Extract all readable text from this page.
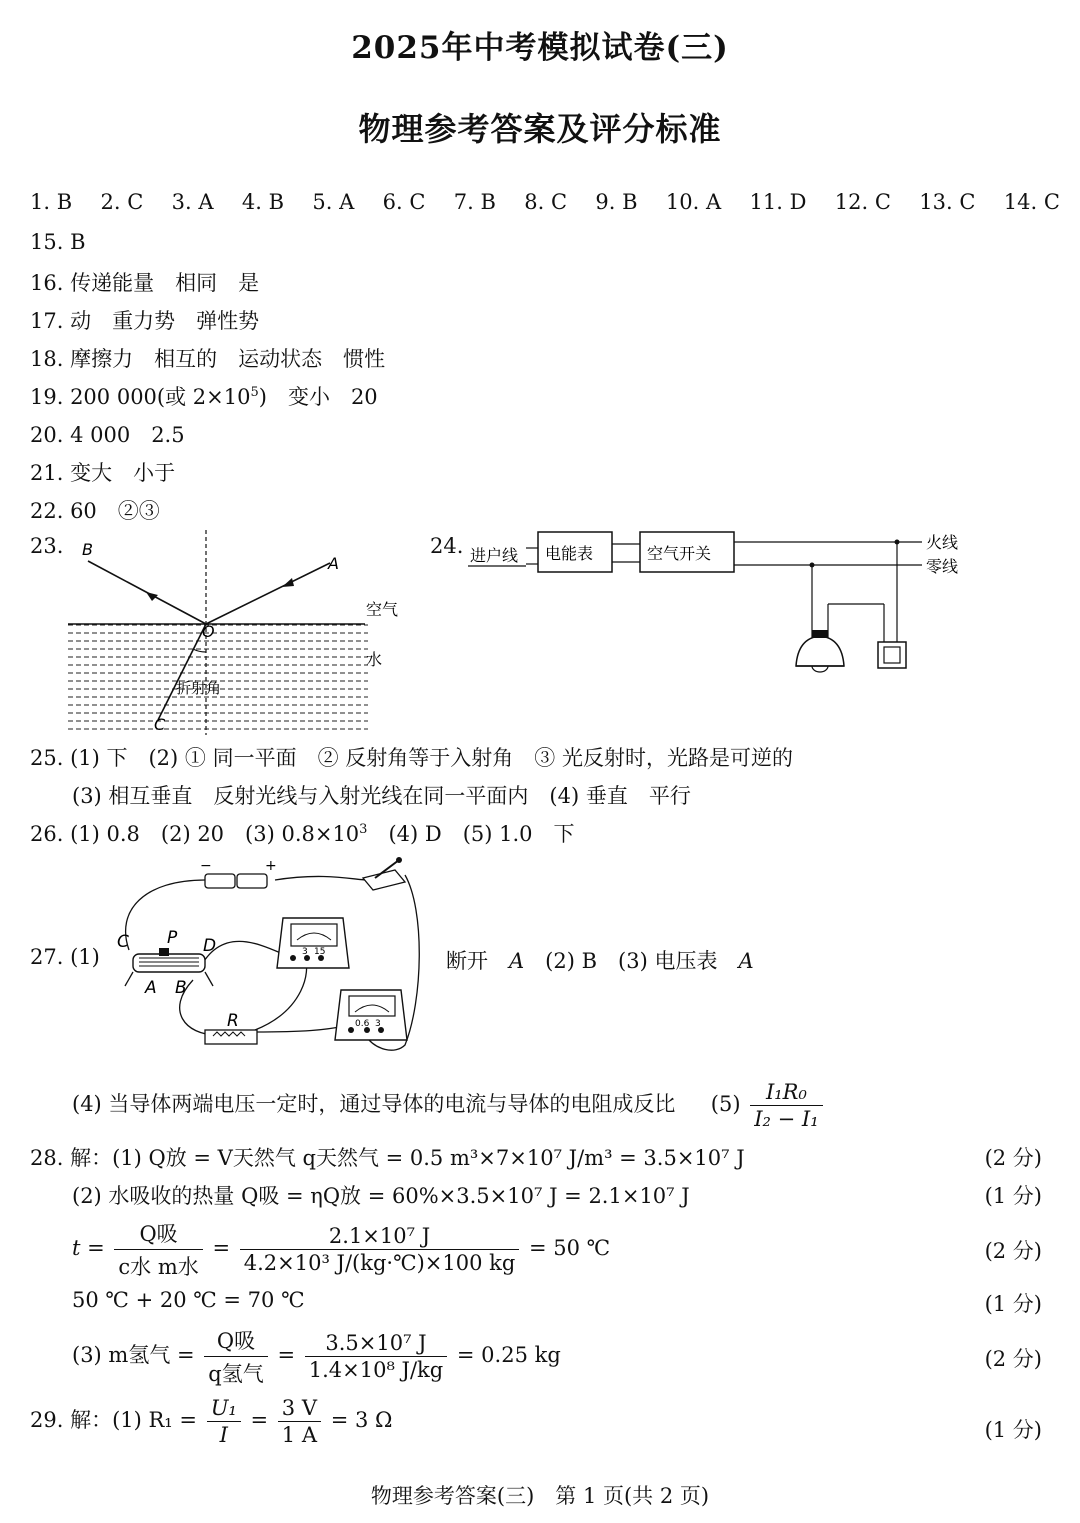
2025年中考模拟试卷(三)
物理参考答案及评分标准
1. B 2. C 3. A 4. B 5. A 6. C 7. B 8. C 9. B 10. A 11. D 12. C 13. C 14. C
15. B
16. 传递能量　相同　是
17. 动　重力势　弹性势
18. 摩擦力　相互的　运动状态　惯性
19. 200 000(或 $2\times 10^5$)　变小　20
20. 4 000　2.5
21. 变大　小于
22. 60　②③
23. B
A
O
C
空气
水
折射角
24. 进户线 电能表	空气开关
火线
零线
25. (1) 下　(2) ① 同一平面　② 反射角等于入射角　③ 光反射时，光路是可逆的
(3) 相互垂直　反射光线与入射光线在同一平面内　(4) 垂直　平行
26. (1) 0.8　(2) 20　(3) $0.8\times 10^3$　(4) D　(5) 1.0　下
27. (1)
−	+
C P D
A B
R
3 15
0.6 3
断开　 A　 (2) B　(3) 电压表　 A
(4) 当导体两端电压一定时，通过导体的电流与导体的电阻成反比 $(5) \frac{\text{I₁R₀}}{\text{I₂ − I₁}}$
28. 解：(1) Q放 = V天然气 q天然气 = 0.5 m³×7×10⁷ J/m³ = 3.5×10⁷ J	(2 分)
(2) 水吸收的热量 Q吸 = ηQ放 = 60%×3.5×10⁷ J = 2.1×10⁷ J	(1 分)
$t = \frac{\text{Q吸}}{\text{c水 m水}} = \frac{\text{2.1×10⁷ J}}{\text{4.2×10³ J/(kg·℃)×100 kg}} = 50$ ℃	(2 分)
50 ℃ + 20 ℃ = 70 ℃	(1 分)
(3) m氢气 = $\frac{\text{Q吸}}{\text{q氢气}} = \frac{\text{3.5×10⁷ J}}{\text{1.4×10⁸ J/kg}} = 0.25$ kg	(2 分)
29. 解：(1) $R_1 = \frac{\text{U₁}}{I} = \frac{3 V}{1 A} = 3$ Ω	(1 分)
物理参考答案(三)　第 1 页(共 2 页)
